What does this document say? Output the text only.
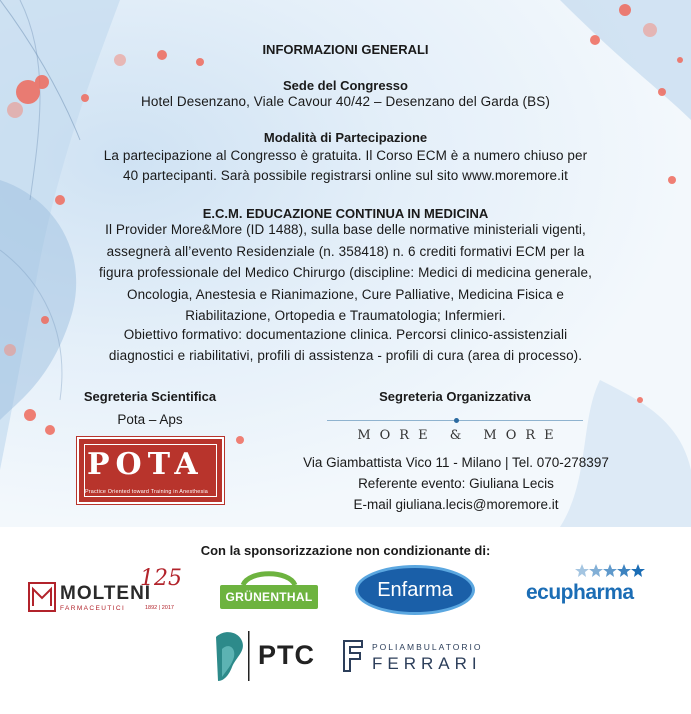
INFORMAZIONI GENERALI
Sede del Congresso
Hotel Desenzano, Viale Cavour 40/42 – Desenzano del Garda (BS)
Modalità di Partecipazione
La partecipazione al Congresso è gratuita. Il Corso ECM è a numero chiuso per
40 partecipanti. Sarà possibile registrarsi online sul sito www.moremore.it
E.C.M. EDUCAZIONE CONTINUA IN MEDICINA
Il Provider More&More (ID 1488), sulla base delle normative ministeriali vigenti,
assegnerà all’evento Residenziale (n. 358418) n. 6 crediti formativi ECM per la
figura professionale del Medico Chirurgo (discipline: Medici di medicina generale,
Oncologia, Anestesia e Rianimazione, Cure Palliative, Medicina Fisica e
Riabilitazione, Ortopedia e Traumatologia; Infermieri.
Obiettivo formativo: documentazione clinica. Percorsi clinico-assistenziali
diagnostici e riabilitativi, profili di assistenza - profili di cura (area di processo).
Segreteria Scientifica
Pota – Aps
POTA
Practice Oriented toward Training in Anesthesia
Segreteria Organizzativa
MORE & MORE
Via Giambattista Vico 11 - Milano | Tel. 070-278397
Referente evento: Giuliana Lecis
E-mail giuliana.lecis@moremore.it
Con la sponsorizzazione non condizionante di:
MOLTENI
125
FARMACEUTICI	1892 | 2017
GRÜNENTHAL	Enfarma	ecupharma
PTC	POLIAMBULATORIO
FERRARI
